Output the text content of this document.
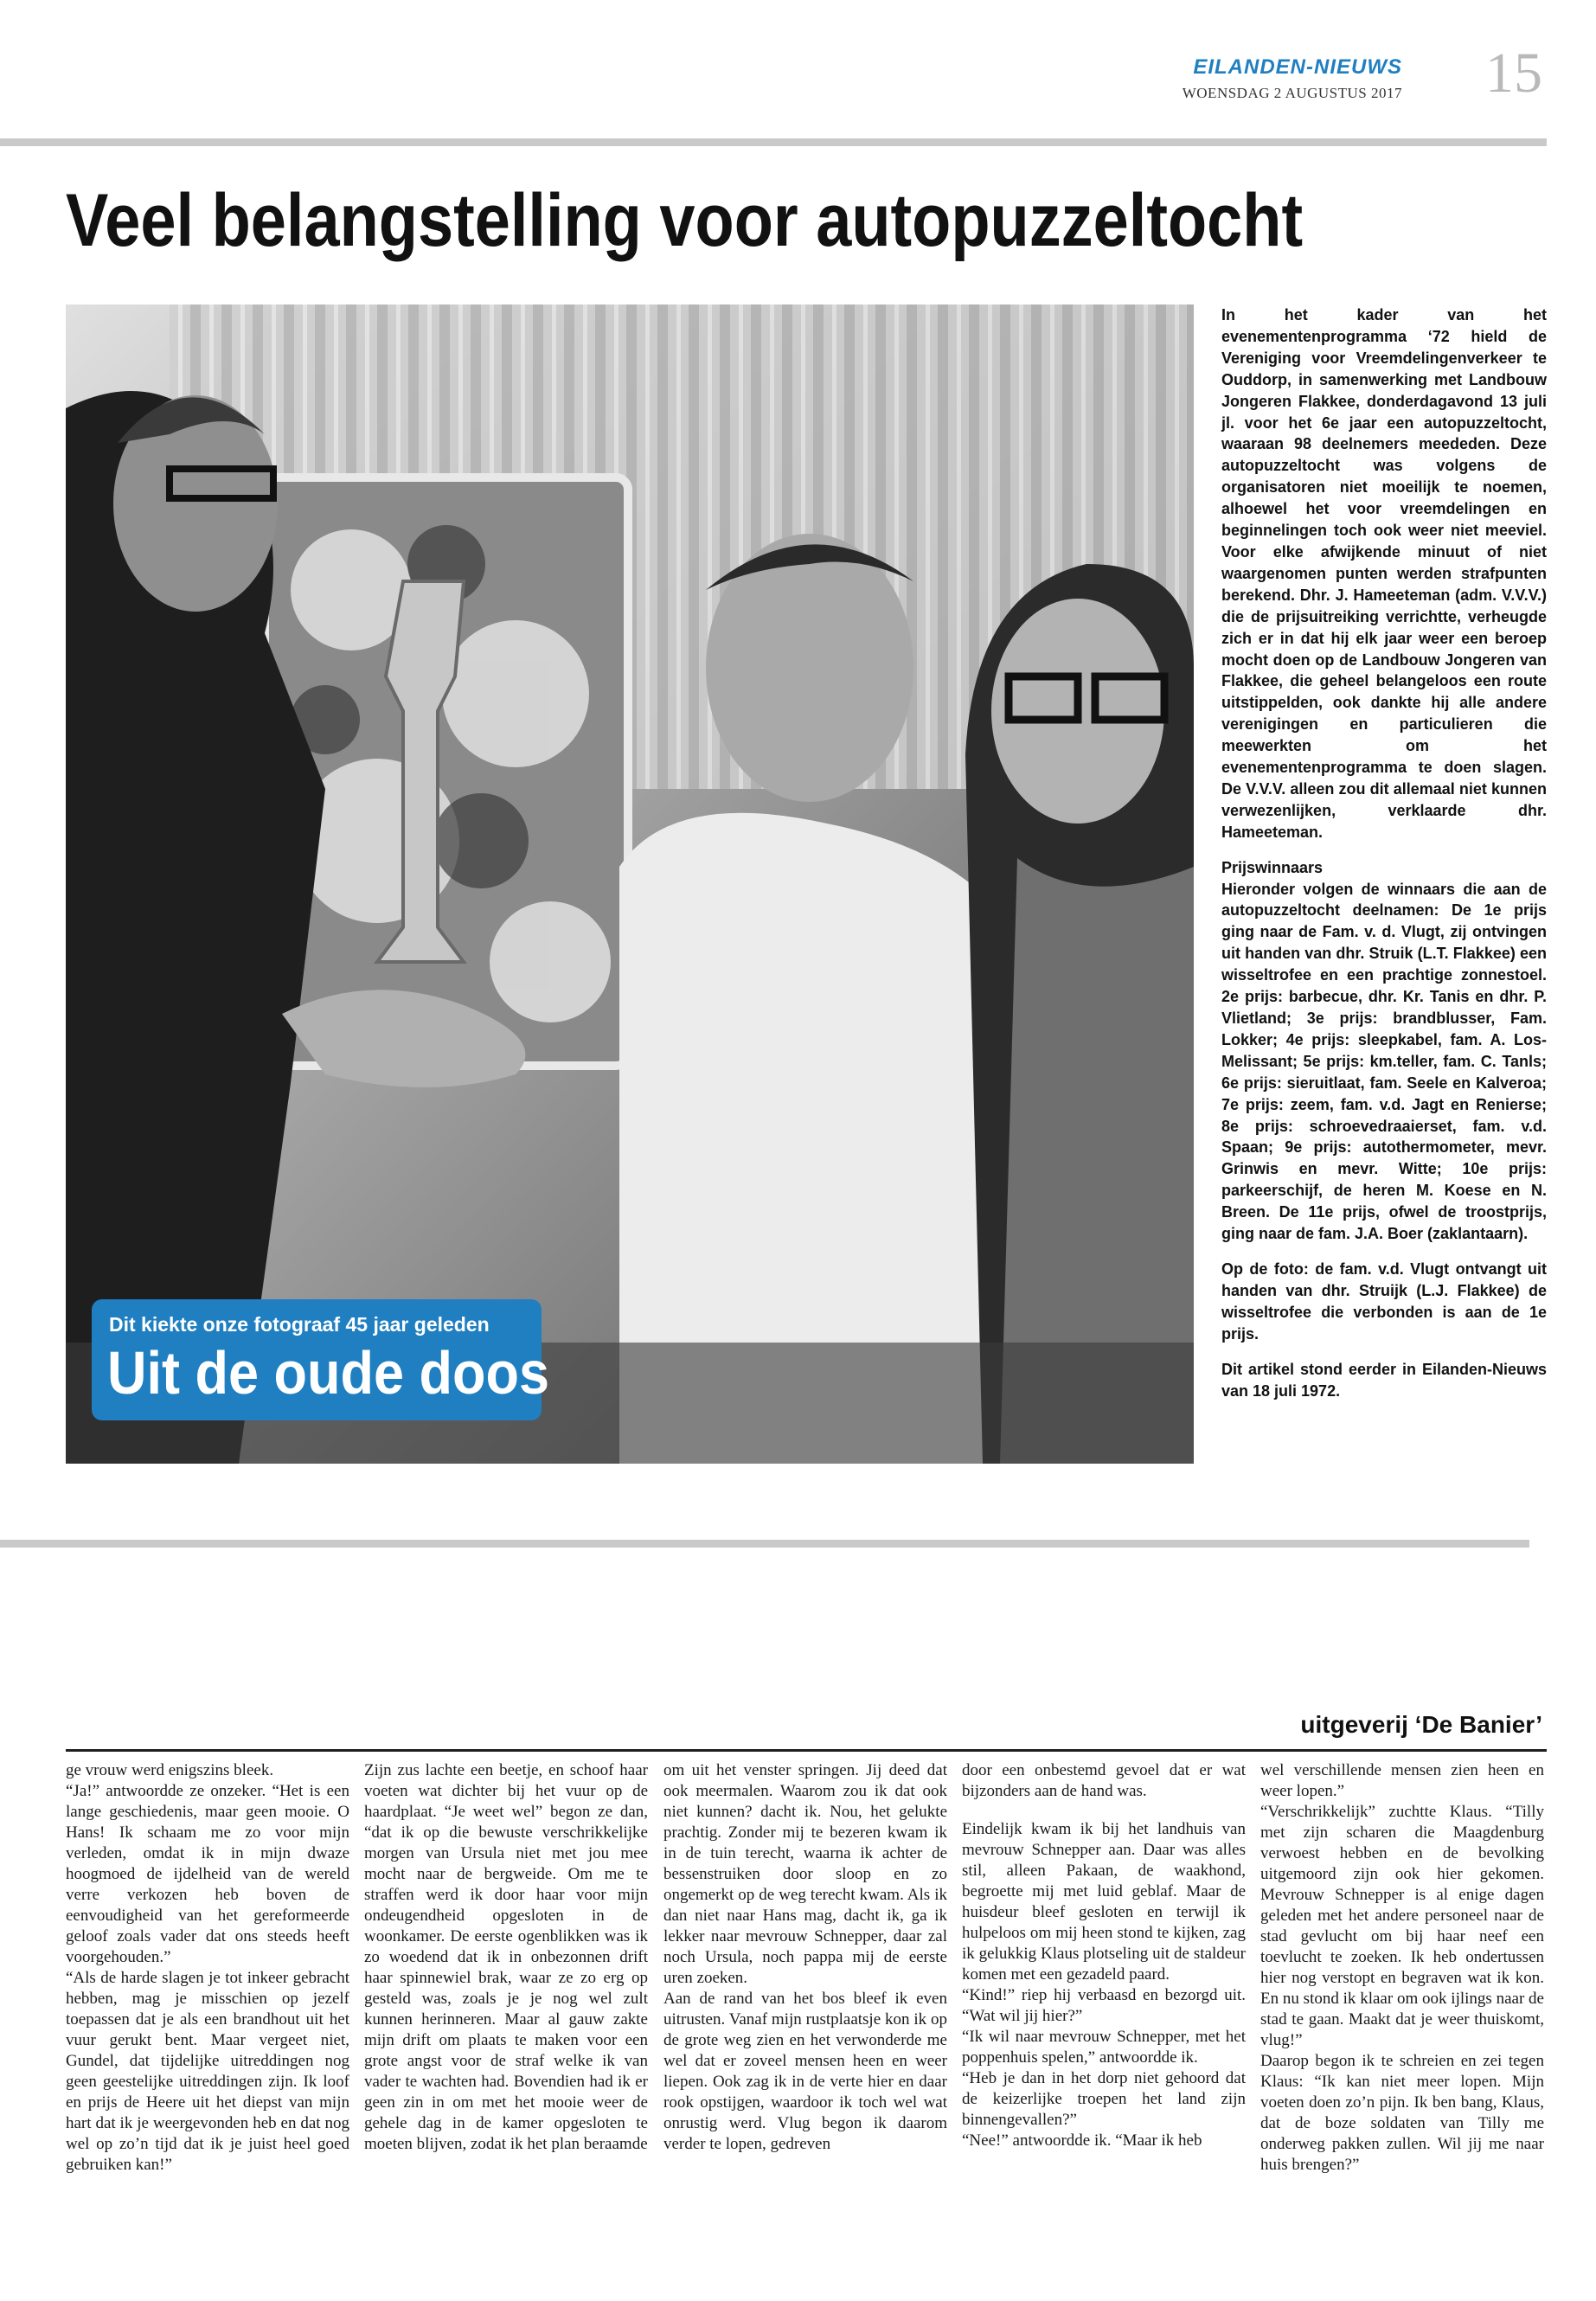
EILANDEN-NIEUWS
WOENSDAG 2 AUGUSTUS 2017 15
Veel belangstelling voor autopuzzeltocht
Dit kiekte onze fotograaf 45 jaar geleden
Uit de oude doos

In het kader van het evenementenprogramma ‘72 hield de Vereniging voor Vreemdelingenverkeer te Ouddorp, in samenwerking met Landbouw Jongeren Flakkee, donderdagavond 13 juli jl. voor het 6e jaar een autopuzzeltocht, waaraan 98 deelnemers meededen. Deze autopuzzeltocht was volgens de organisatoren niet moeilijk te noemen, alhoewel het voor vreemdelingen en beginnelingen toch ook weer niet meeviel. Voor elke afwijkende minuut of niet waargenomen punten werden strafpunten berekend. Dhr. J. Hameeteman (adm. V.V.V.) die de prijsuitreiking verrichtte, verheugde zich er in dat hij elk jaar weer een beroep mocht doen op de Landbouw Jongeren van Flakkee, die geheel belangeloos een route uitstippelden, ook dankte hij alle andere verenigingen en particulieren die meewerkten om het evenementenprogramma te doen slagen. De V.V.V. alleen zou dit allemaal niet kunnen verwezenlijken, verklaarde dhr. Hameeteman.

Prijswinnaars

Hieronder volgen de winnaars die aan de autopuzzeltocht deelnamen: De 1e prijs ging naar de Fam. v. d. Vlugt, zij ontvingen uit handen van dhr. Struik (L.T. Flakkee) een wisseltrofee en een prachtige zonnestoel. 2e prijs: barbecue, dhr. Kr. Tanis en dhr. P. Vlietland; 3e prijs: brandblusser, Fam. Lokker; 4e prijs: sleepkabel, fam. A. Los-Melissant; 5e prijs: km.teller, fam. C. Tanls; 6e prijs: sieruitlaat, fam. Seele en Kalveroa; 7e prijs: zeem, fam. v.d. Jagt en Renierse; 8e prijs: schroevedraaierset, fam. v.d. Spaan; 9e prijs: autothermometer, mevr. Grinwis en mevr. Witte; 10e prijs: parkeerschijf, de heren M. Koese en N. Breen. De 11e prijs, ofwel de troostprijs, ging naar de fam. J.A. Boer (zaklantaarn).

Op de foto: de fam. v.d. Vlugt ontvangt uit handen van dhr. Struijk (L.J. Flakkee) de wisseltrofee die verbonden is aan de 1e prijs.

Dit artikel stond eerder in Eilanden-Nieuws van 18 juli 1972.

uitgeverij ‘De Banier’

ge vrouw werd enigszins bleek.

“Ja!” antwoordde ze onzeker. “Het is een lange geschiedenis, maar geen mooie. O Hans! Ik schaam me zo voor mijn verleden, omdat ik in mijn dwaze hoogmoed de ijdelheid van de wereld verre verkozen heb boven de eenvoudigheid van het gereformeerde geloof zoals vader dat ons steeds heeft voorgehouden.”

“Als de harde slagen je tot inkeer gebracht hebben, mag je misschien op jezelf toepassen dat je als een brandhout uit het vuur gerukt bent. Maar vergeet niet, Gundel, dat tijdelijke uitreddingen nog geen geestelijke uitreddingen zijn. Ik loof en prijs de Heere uit het diepst van mijn hart dat ik je weergevonden heb en dat nog wel op zo’n tijd dat ik je juist heel goed gebruiken kan!”

Zijn zus lachte een beetje, en schoof haar voeten wat dichter bij het vuur op de haardplaat. “Je weet wel” begon ze dan, “dat ik op die bewuste verschrikkelijke morgen van Ursula niet met jou mee mocht naar de bergweide. Om me te straffen werd ik door haar voor mijn ondeugendheid opgesloten in de woonkamer. De eerste ogenblikken was ik zo woedend dat ik in onbezonnen drift haar spinnewiel brak, waar ze zo erg op gesteld was, zoals je je nog wel zult kunnen herinneren. Maar al gauw zakte mijn drift om plaats te maken voor een grote angst voor de straf welke ik van vader te wachten had. Bovendien had ik er geen zin in om met het mooie weer de gehele dag in de kamer opgesloten te moeten blijven, zodat ik het plan beraamde

om uit het venster springen. Jij deed dat ook meermalen. Waarom zou ik dat ook niet kunnen? dacht ik. Nou, het gelukte prachtig. Zonder mij te bezeren kwam ik in de tuin terecht, waarna ik achter de bessenstruiken door sloop en zo ongemerkt op de weg terecht kwam. Als ik dan niet naar Hans mag, dacht ik, ga ik lekker naar mevrouw Schnepper, daar zal noch Ursula, noch pappa mij de eerste uren zoeken.

Aan de rand van het bos bleef ik even uitrusten. Vanaf mijn rustplaatsje kon ik op de grote weg zien en het verwonderde me wel dat er zoveel mensen heen en weer liepen. Ook zag ik in de verte hier en daar rook opstijgen, waardoor ik toch wel wat onrustig werd. Vlug begon ik daarom verder te lopen, gedreven

door een onbestemd gevoel dat er wat bijzonders aan de hand was.

Eindelijk kwam ik bij het landhuis van mevrouw Schnepper aan. Daar was alles stil, alleen Pakaan, de waakhond, begroette mij met luid geblaf. Maar de huisdeur bleef gesloten en terwijl ik hulpeloos om mij heen stond te kijken, zag ik gelukkig Klaus plotseling uit de staldeur komen met een gezadeld paard.

“Kind!” riep hij verbaasd en bezorgd uit. “Wat wil jij hier?”

“Ik wil naar mevrouw Schnepper, met het poppenhuis spelen,” antwoordde ik.

“Heb je dan in het dorp niet gehoord dat de keizerlijke troepen het land zijn binnengevallen?”

“Nee!” antwoordde ik. “Maar ik heb

wel verschillende mensen zien heen en weer lopen.”

“Verschrikkelijk” zuchtte Klaus. “Tilly met zijn scharen die Maagdenburg verwoest hebben en de bevolking uitgemoord zijn ook hier gekomen. Mevrouw Schnepper is al enige dagen geleden met het andere personeel naar de stad gevlucht om bij haar neef een toevlucht te zoeken. Ik heb ondertussen hier nog verstopt en begraven wat ik kon. En nu stond ik klaar om ook ijlings naar de stad te gaan. Maakt dat je weer thuiskomt, vlug!”

Daarop begon ik te schreien en zei tegen Klaus: “Ik kan niet meer lopen. Mijn voeten doen zo’n pijn. Ik ben bang, Klaus, dat de boze soldaten van Tilly me onderweg pakken zullen. Wil jij me naar huis brengen?”
